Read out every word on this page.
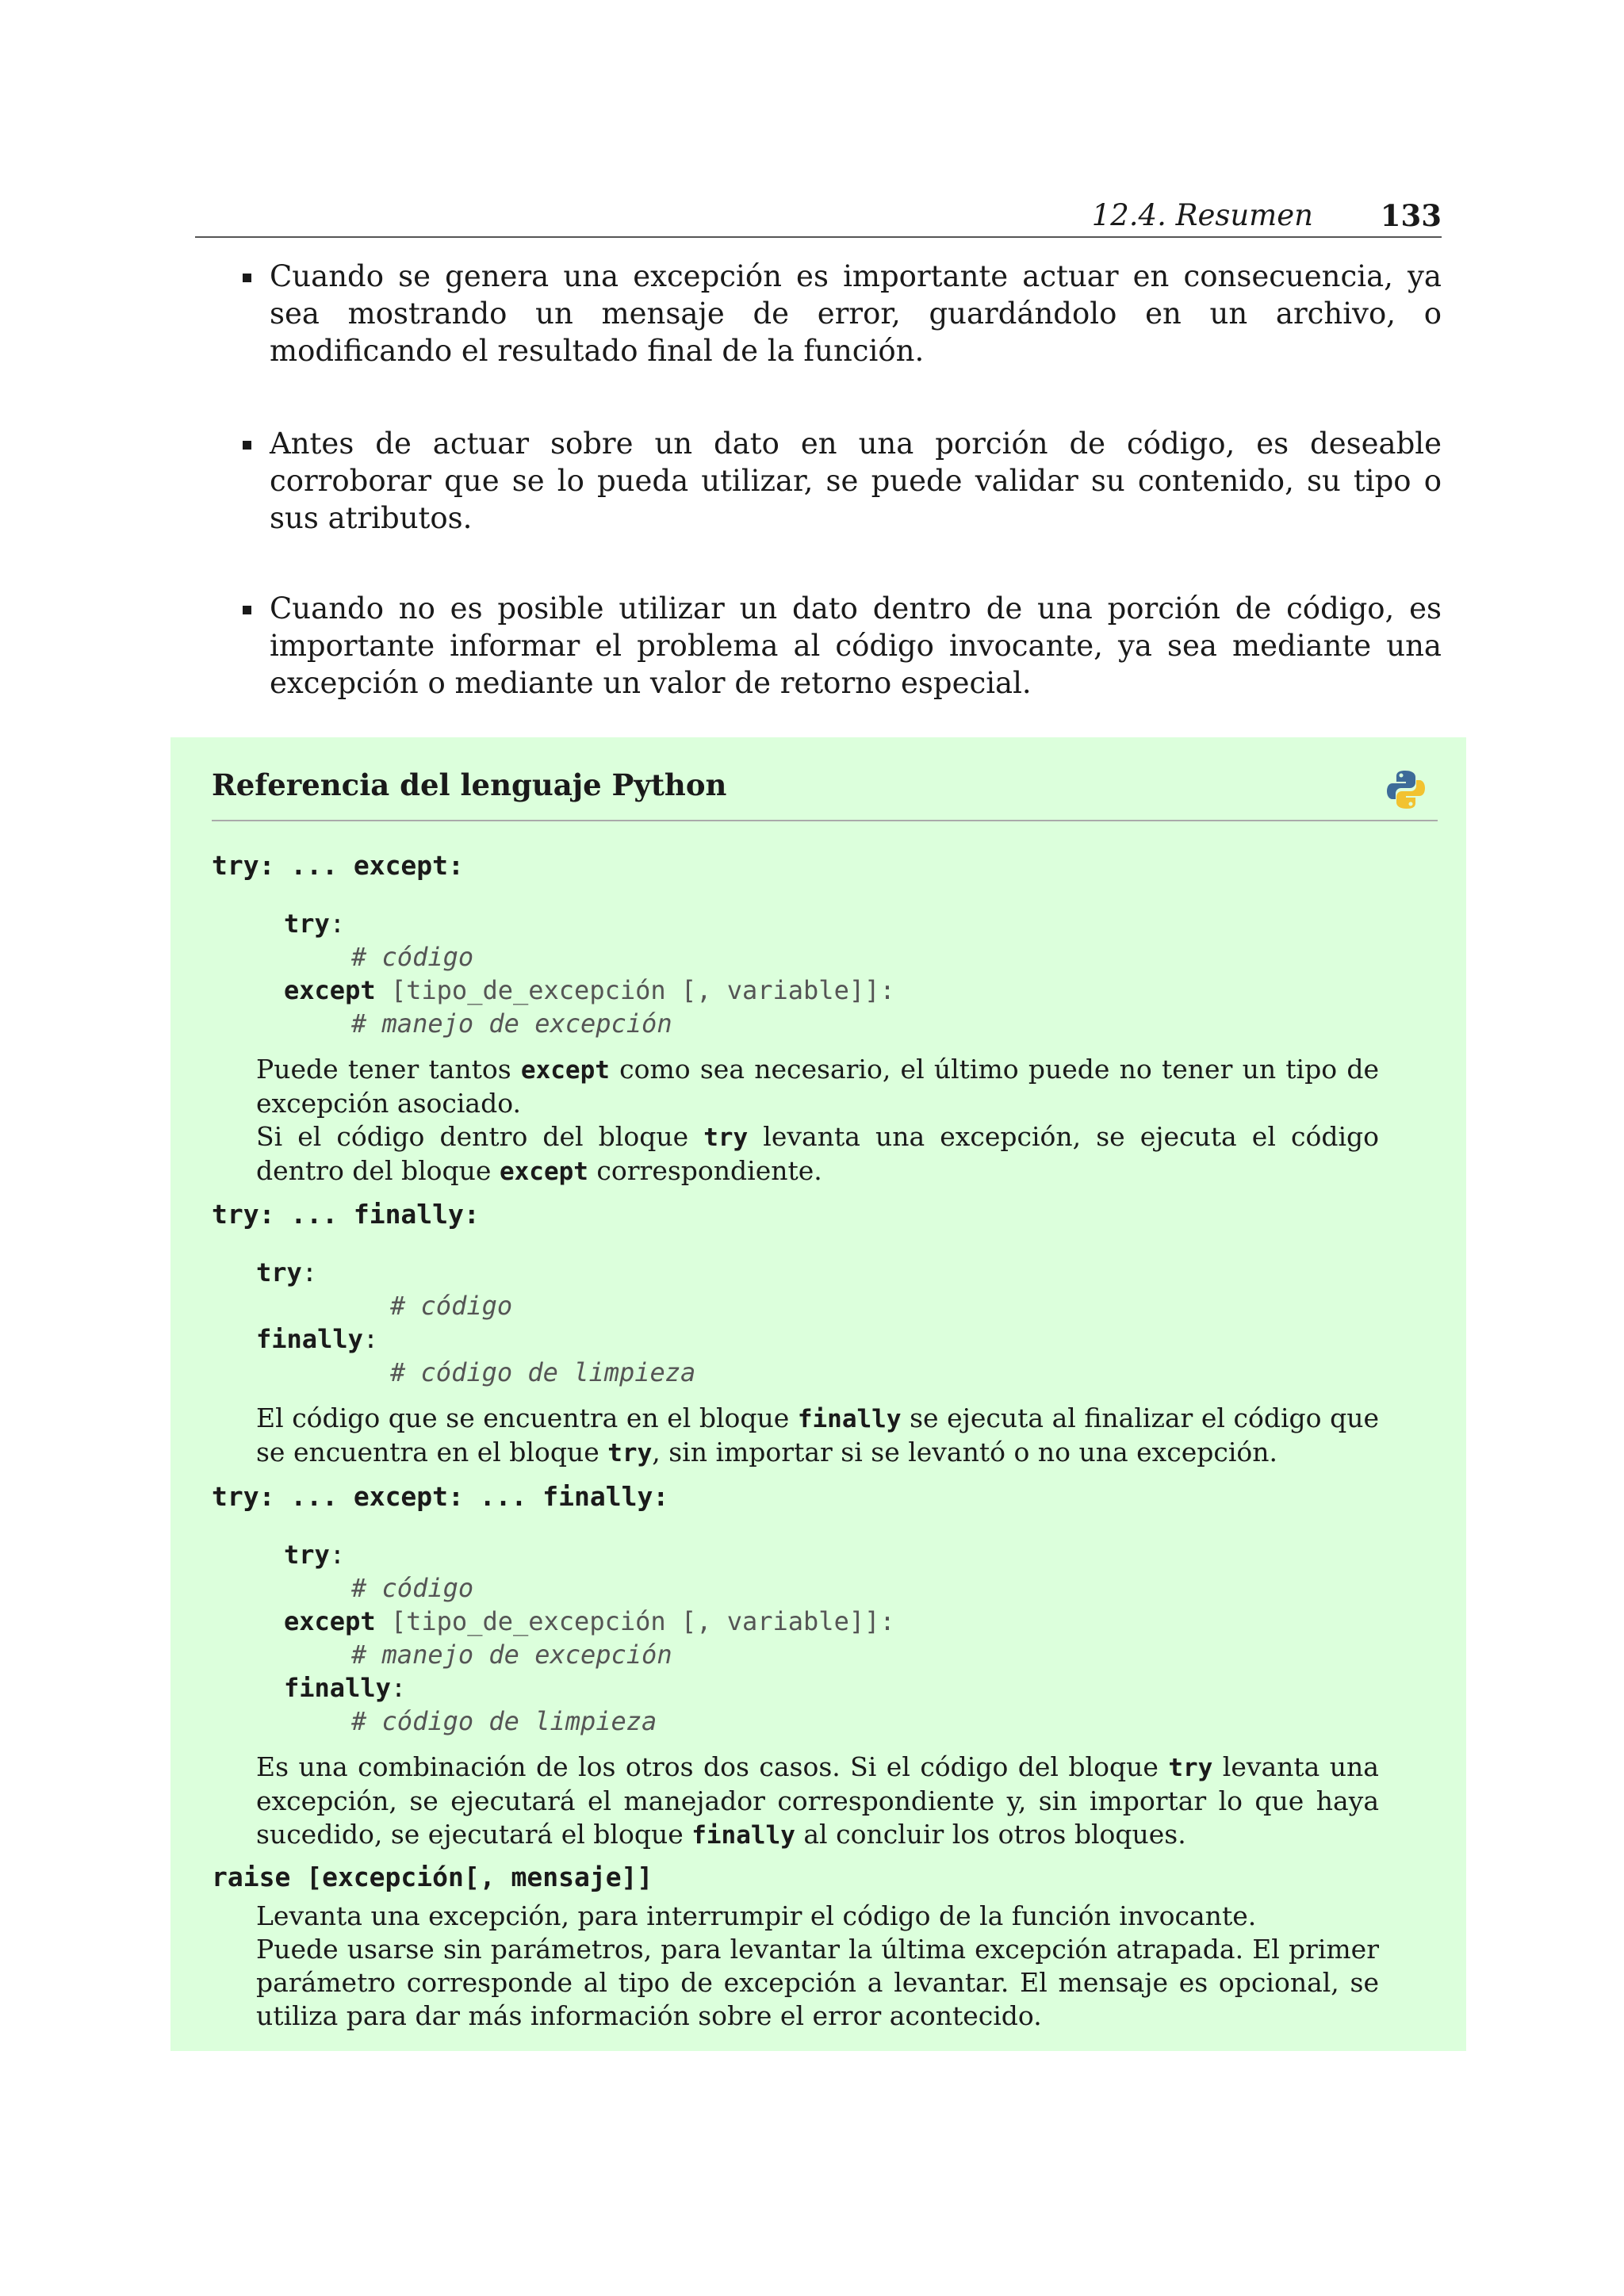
12.4. Resumen 133
Cuando se genera una excepción es importante actuar en consecuencia, ya sea mostrando un mensaje de error, guardándolo en un archivo, o modificando el resultado final de la función.
Antes de actuar sobre un dato en una porción de código, es deseable corroborar que se lo pueda utilizar, se puede validar su contenido, su tipo o sus atributos.
Cuando no es posible utilizar un dato dentro de una porción de código, es importante informar el problema al código invocante, ya sea mediante una excepción o mediante un valor de retorno especial.
Referencia del lenguaje Python
try: ... except:
try:
# código
except [tipo_de_excepción [, variable]]:
# manejo de excepción

Puede tener tantos except como sea necesario, el último puede no tener un tipo de excepción asociado.

Si el código dentro del bloque try levanta una excepción, se ejecuta el código dentro del bloque except correspondiente.

try: ... finally:
try:
# código
finally:
# código de limpieza

El código que se encuentra en el bloque finally se ejecuta al finalizar el código que se encuentra en el bloque try, sin importar si se levantó o no una excepción.

try: ... except: ... finally:
try:
# código
except [tipo_de_excepción [, variable]]:
# manejo de excepción
finally:
# código de limpieza

Es una combinación de los otros dos casos. Si el código del bloque try levanta una excepción, se ejecutará el manejador correspondiente y, sin importar lo que haya sucedido, se ejecutará el bloque finally al concluir los otros bloques.

raise [excepción[, mensaje]]

Levanta una excepción, para interrumpir el código de la función invocante.

Puede usarse sin parámetros, para levantar la última excepción atrapada. El primer parámetro corresponde al tipo de excepción a levantar. El mensaje es opcional, se utiliza para dar más información sobre el error acontecido.
